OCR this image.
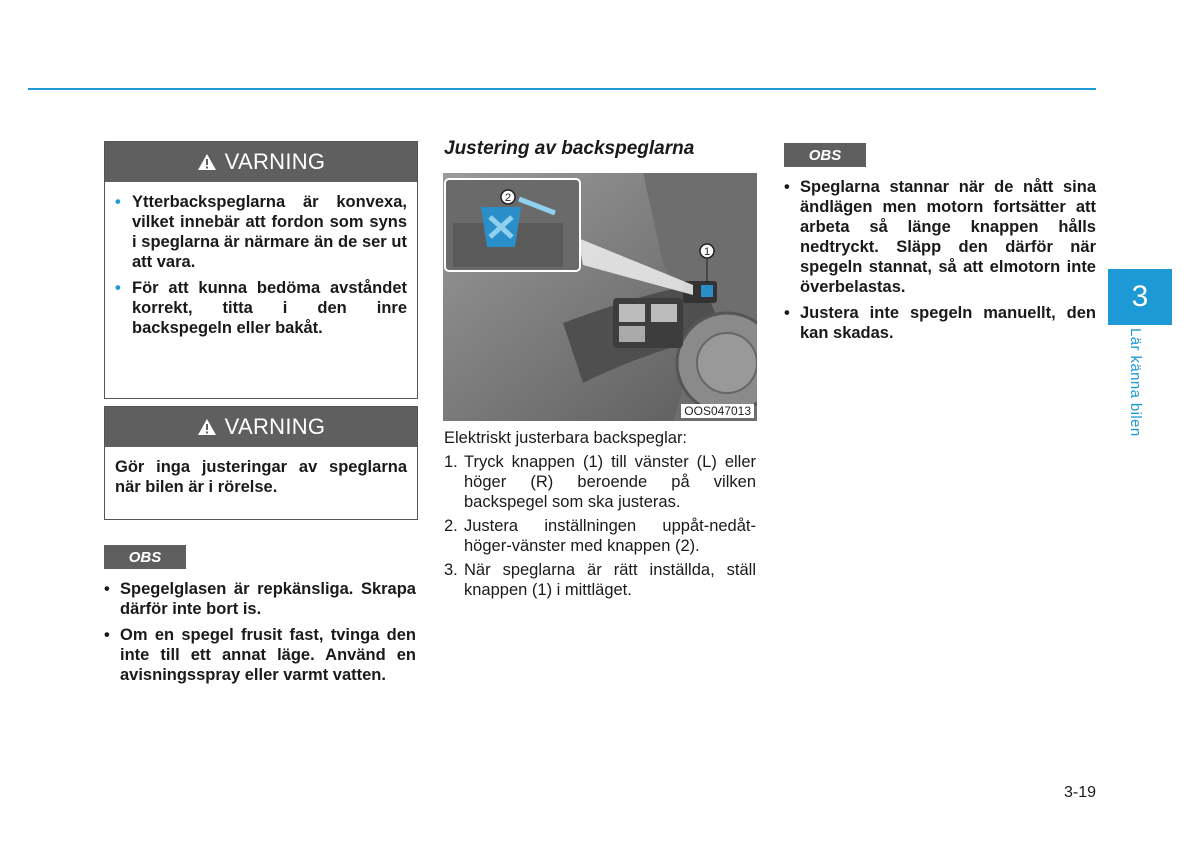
VARNING
• Ytterbackspeglarna är konvexa, vilket innebär att fordon som syns i speglarna är närmare än de ser ut att vara.
• För att kunna bedöma avståndet korrekt, titta i den inre backspegeln eller bakåt.
VARNING

Gör inga justeringar av speglarna när bilen är i rörelse.

OBS
• Spegelglasen är repkänsliga. Skrapa därför inte bort is.
• Om en spegel frusit fast, tvinga den inte till ett annat läge. Använd en avisningsspray eller varmt vatten.
Justering av backspeglarna
2
1
OOS047013

Elektriskt justerbara backspeglar:

1. Tryck knappen (1) till vänster (L) eller höger (R) beroende på vilken backspegel som ska justeras.
2. Justera inställningen uppåt-nedåt-höger-vänster med knappen (2).
3. När speglarna är rätt inställda, ställ knappen (1) i mittläget.
OBS
• Speglarna stannar när de nått sina ändlägen men motorn fortsätter att arbeta så länge knappen hålls nedtryckt. Släpp den därför när spegeln stannat, så att elmotorn inte överbelastas.
• Justera inte spegeln manuellt, den kan skadas.
3
Lär känna bilen
3-19
